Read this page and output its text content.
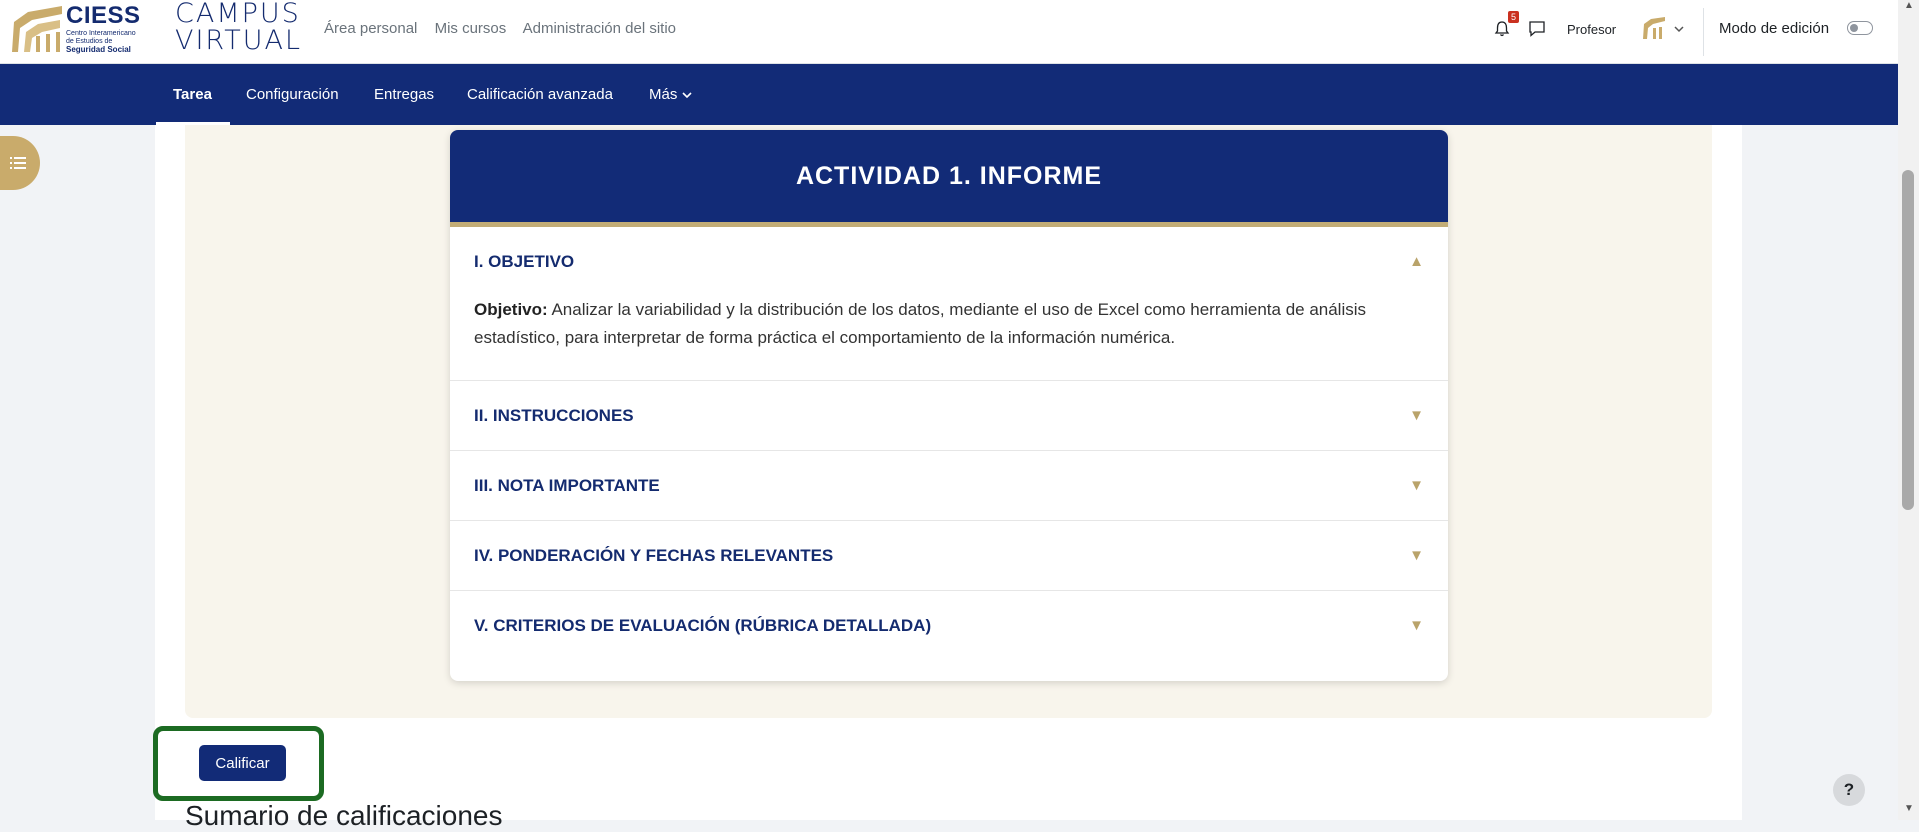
CIESS
Centro Interamericano
de Estudios de
Seguridad Social
CAMPUS
VIRTUAL Área personal Mis cursos Administración del sitio
5
Profesor	Modo de edición
Tarea Configuración Entregas Calificación avanzada Más
ACTIVIDAD 1. INFORME
I. OBJETIVO	▲
Objetivo: Analizar la variabilidad y la distribución de los datos, mediante el uso de Excel como herramienta de análisis estadístico, para interpretar de forma práctica el comportamiento de la información numérica.
II. INSTRUCCIONES	▼
III. NOTA IMPORTANTE	▼
IV. PONDERACIÓN Y FECHAS RELEVANTES	▼
V. CRITERIOS DE EVALUACIÓN (RÚBRICA DETALLADA)	▼
Calificar
Sumario de calificaciones
▲
▼
?
